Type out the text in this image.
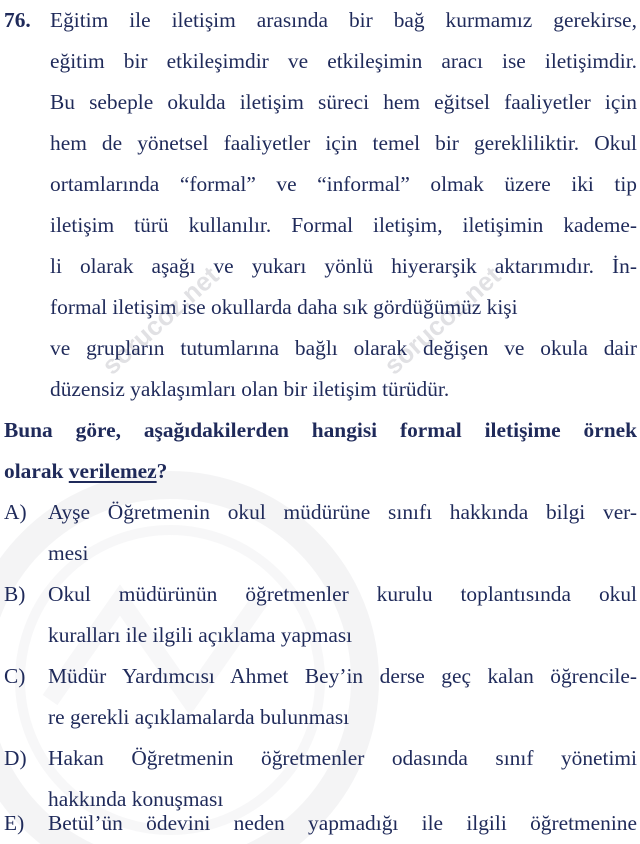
sorucoz.net	sorucoz.net
76. Eğitim ile iletişim arasında bir bağ kurmamız gerekirse,
eğitim bir etkileşimdir ve etkileşimin aracı ise iletişimdir.
Bu sebeple okulda iletişim süreci hem eğitsel faaliyetler için
hem de yönetsel faaliyetler için temel bir gerekliliktir. Okul
ortamlarında “formal” ve “informal” olmak üzere iki tip
iletişim türü kullanılır. Formal iletişim, iletişimin kademe-
li olarak aşağı ve yukarı yönlü hiyerarşik aktarımıdır. İn-
formal iletişim ise okullarda daha sık gördüğümüz kişi
ve grupların tutumlarına bağlı olarak değişen ve okula dair
düzensiz yaklaşımları olan bir iletişim türüdür.
Buna göre, aşağıdakilerden hangisi formal iletişime örnek
olarak verilemez?
A) Ayşe Öğretmenin okul müdürüne sınıfı hakkında bilgi ver-
mesi
B) Okul müdürünün öğretmenler kurulu toplantısında okul
kuralları ile ilgili açıklama yapması
C) Müdür Yardımcısı Ahmet Bey’in derse geç kalan öğrencile-
re gerekli açıklamalarda bulunması
D) Hakan Öğretmenin öğretmenler odasında sınıf yönetimi
hakkında konuşması
E) Betül’ün ödevini neden yapmadığı ile ilgili öğretmenine
